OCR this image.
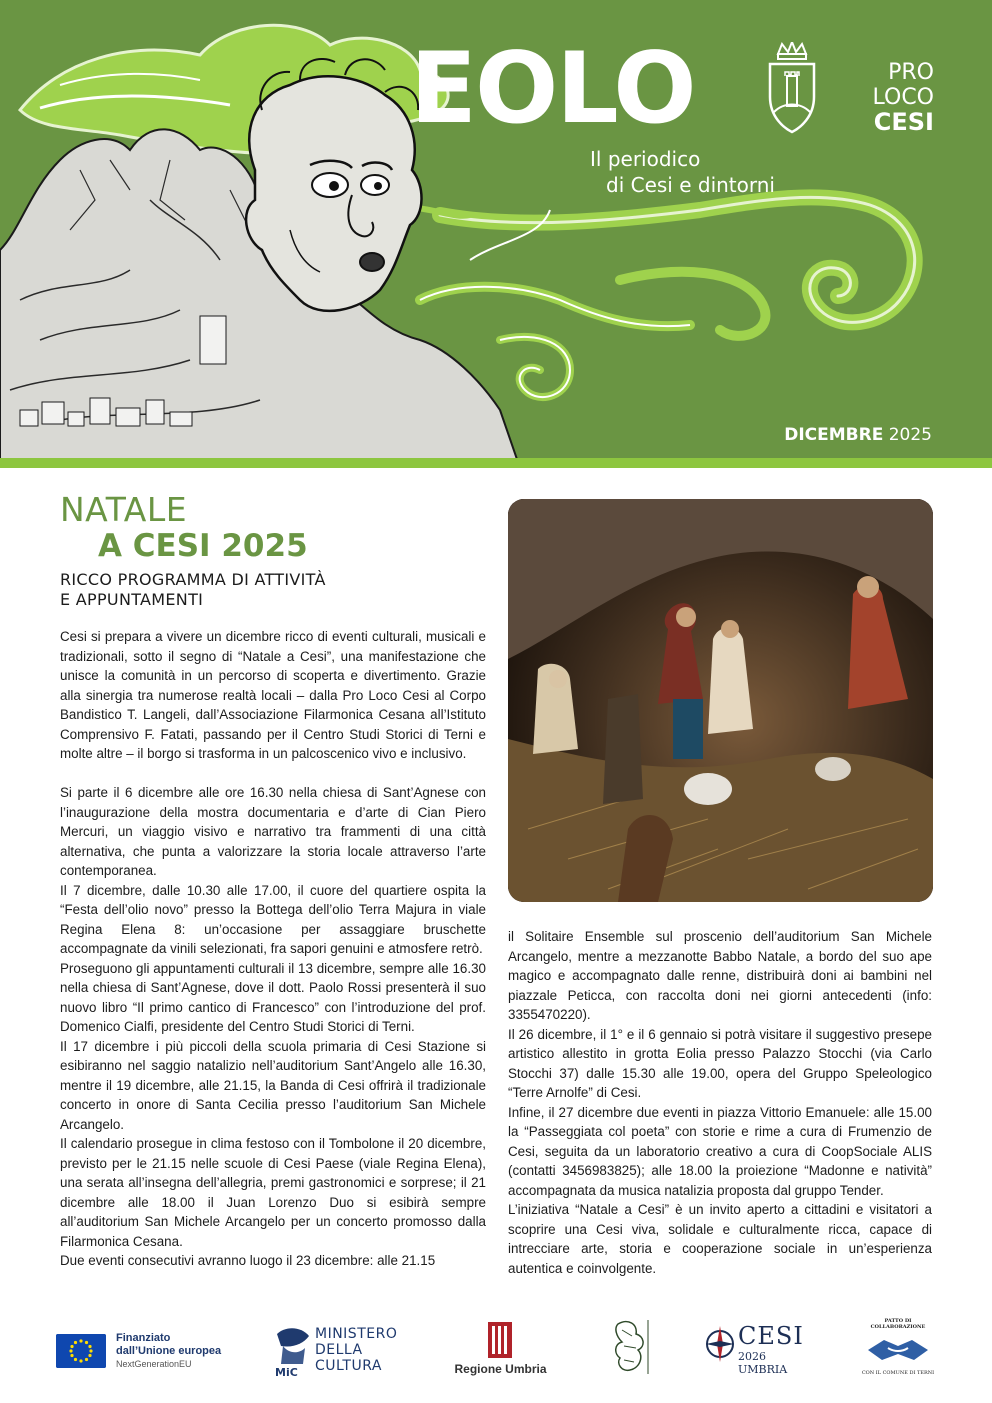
EOLO
Il periodico
di Cesi e dintorni
PRO
LOCO
CESI
DICEMBRE 2025
NATALE
A CESI 2025
RICCO PROGRAMMA DI ATTIVITÀ
E APPUNTAMENTI

Cesi si prepara a vivere un dicembre ricco di eventi culturali, musicali e tradizionali, sotto il segno di “Natale a Cesi”, una manifestazione che unisce la comunità in un percorso di scoperta e divertimento. Grazie alla sinergia tra numerose realtà locali – dalla Pro Loco Cesi al Corpo Bandistico T. Langeli, dall’Associazione Filarmonica Cesana all’Istituto Comprensivo F. Fatati, passando per il Centro Studi Storici di Terni e molte altre – il borgo si trasforma in un palcoscenico vivo e inclusivo.

Si parte il 6 dicembre alle ore 16.30 nella chiesa di Sant’Agnese con l’inaugurazione della mostra documentaria e d’arte di Cian Piero Mercuri, un viaggio visivo e narrativo tra frammenti di una città alternativa, che punta a valorizzare la storia locale attraverso l’arte contemporanea.

Il 7 dicembre, dalle 10.30 alle 17.00, il cuore del quartiere ospita la “Festa dell’olio novo” presso la Bottega dell’olio Terra Majura in viale Regina Elena 8: un’occasione per assaggiare bruschette accompagnate da vinili selezionati, fra sapori genuini e atmosfere retrò.

Proseguono gli appuntamenti culturali il 13 dicembre, sempre alle 16.30 nella chiesa di Sant’Agnese, dove il dott. Paolo Rossi presenterà il suo nuovo libro “Il primo cantico di Francesco” con l’introduzione del prof. Domenico Cialfi, presidente del Centro Studi Storici di Terni.

Il 17 dicembre i più piccoli della scuola primaria di Cesi Stazione si esibiranno nel saggio natalizio nell’auditorium Sant’Angelo alle 16.30, mentre il 19 dicembre, alle 21.15, la Banda di Cesi offrirà il tradizionale concerto in onore di Santa Cecilia presso l’auditorium San Michele Arcangelo.

Il calendario prosegue in clima festoso con il Tombolone il 20 dicembre, previsto per le 21.15 nelle scuole di Cesi Paese (viale Regina Elena), una serata all’insegna dell’allegria, premi gastronomici e sorprese; il 21 dicembre alle 18.00 il Juan Lorenzo Duo si esibirà sempre all’auditorium San Michele Arcangelo per un concerto promosso dalla Filarmonica Cesana.

Due eventi consecutivi avranno luogo il 23 dicembre: alle 21.15

il Solitaire Ensemble sul proscenio dell’auditorium San Michele Arcangelo, mentre a mezzanotte Babbo Natale, a bordo del suo ape magico e accompagnato dalle renne, distribuirà doni ai bambini nel piazzale Peticca, con raccolta doni nei giorni antecedenti (info: 3355470220).

Il 26 dicembre, il 1° e il 6 gennaio si potrà visitare il suggestivo presepe artistico allestito in grotta Eolia presso Palazzo Stocchi (via Carlo Stocchi 37) dalle 15.30 alle 19.00, opera del Gruppo Speleologico “Terre Arnolfe” di Cesi.

Infine, il 27 dicembre due eventi in piazza Vittorio Emanuele: alle 15.00 la “Passeggiata col poeta” con storie e rime a cura di Frumenzio de Cesi, seguita da un laboratorio creativo a cura di CoopSociale ALIS (contatti 3456983825); alle 18.00 la proiezione “Madonne e natività” accompagnata da musica natalizia proposta dal gruppo Tender.

L’iniziativa “Natale a Cesi” è un invito aperto a cittadini e visitatori a scoprire una Cesi viva, solidale e culturalmente ricca, capace di intrecciare arte, storia e cooperazione sociale in un’esperienza autentica e coinvolgente.

Finanziato
dall’Unione europea
NextGenerationEU
MiC
MINISTERO
DELLA
CULTURA	Regione Umbria
CESI
2026
UMBRIA
PATTO DI COLLABORAZIONE
CON IL COMUNE DI TERNI
